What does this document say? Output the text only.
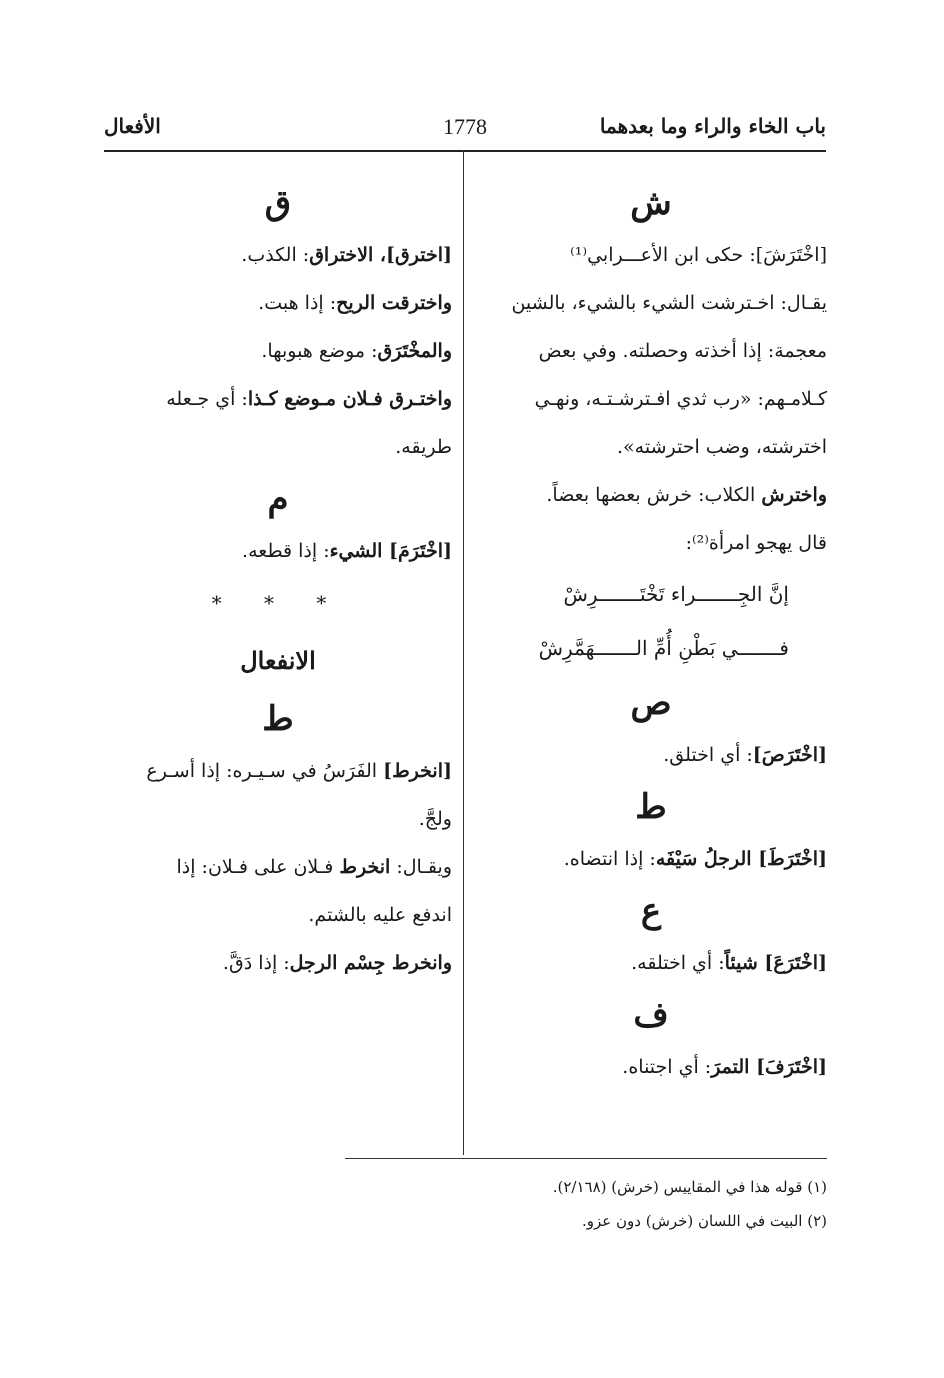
باب الخاء والراء وما بعدهما
1778
الأفعال
ش
[اخْتَرَشَ]: حكى ابن الأعـــرابي⁽¹⁾
يقـال: اخـترشت الشيء بالشيء، بالشين
معجمة: إذا أخذته وحصلته. وفي بعض
كـلامـهم: «رب ثدي افـترشـتـه، ونهـي
اخترشته، وضب احترشته».
واخترش الكلاب: خرش بعضها بعضاً.
قال يهجو امرأة⁽²⁾:
إنَّ الجِـــــــراء تَخْتَـــــــرِشْ
فـــــــي بَطْنِ أُمِّ الـــــــهَمَّرِشْ
ص
[اخْتَرَصَ]: أي اختلق.
ط
[اخْتَرَطَ] الرجلُ سَيْفَه: إذا انتضاه.
ع
[اخْتَرَعَ] شيئاً: أي اختلقه.
ف
[اخْتَرَفَ] التمرَ: أي اجتناه.
ق
[اخترق]، الاختراق: الكذب.
واخترقت الريح: إذا هبت.
والمخْتَرَق: موضع هبوبها.
واختـرق فـلان مـوضع كـذا: أي جـعله
طريقه.
م
[اخْتَرَمَ] الشيء: إذا قطعه.
* * *
الانفعال
ط
[انخرط] الفَرَسُ في سـيـره: إذا أسـرع
ولجَّ.
ويقـال: انخرط فـلان على فـلان: إذا
اندفع عليه بالشتم.
وانخرط جِسْم الرجل: إذا دَقَّ.
(١) قوله هذا في المقاييس (خرش) (٢/١٦٨).
(٢) البيت في اللسان (خرش) دون عزو.
